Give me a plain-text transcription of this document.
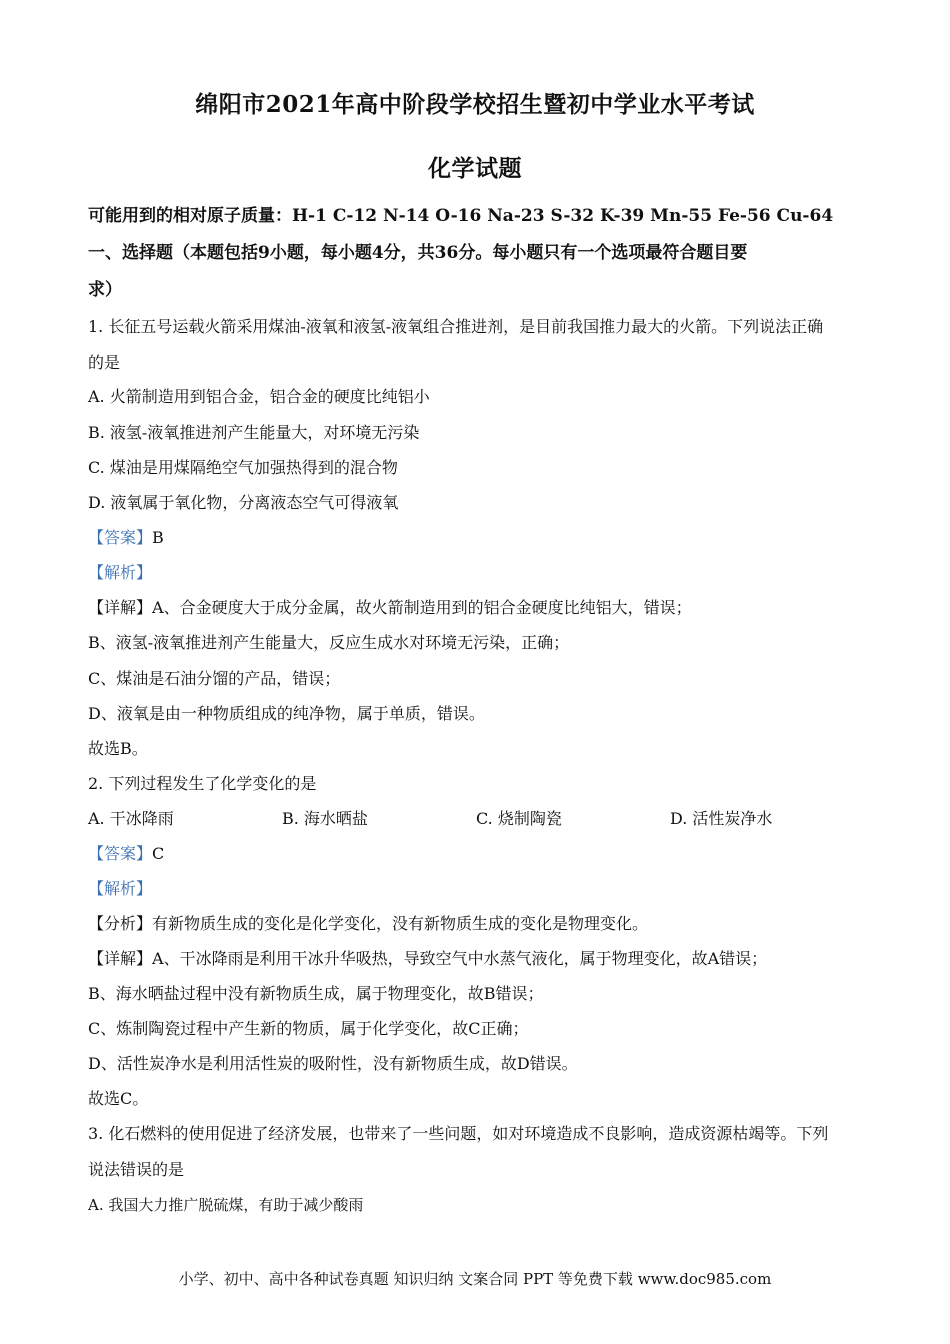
绵阳市2021年高中阶段学校招生暨初中学业水平考试
化学试题
可能用到的相对原子质量：H-1 C-12 N-14 O-16 Na-23 S-32 K-39 Mn-55 Fe-56 Cu-64
一、选择题（本题包括9小题，每小题4分，共36分。每小题只有一个选项最符合题目要
求）
1. 长征五号运载火箭采用煤油-液氧和液氢-液氧组合推进剂，是目前我国推力最大的火箭。下列说法正确
的是
A. 火箭制造用到铝合金，铝合金的硬度比纯铝小
B. 液氢-液氧推进剂产生能量大，对环境无污染
C. 煤油是用煤隔绝空气加强热得到的混合物
D. 液氧属于氧化物，分离液态空气可得液氧
【答案】B
【解析】
【详解】A、合金硬度大于成分金属，故火箭制造用到的铝合金硬度比纯铝大，错误；
B、液氢-液氧推进剂产生能量大，反应生成水对环境无污染，正确；
C、煤油是石油分馏的产品，错误；
D、液氧是由一种物质组成的纯净物，属于单质，错误。
故选B。
2. 下列过程发生了化学变化的是
A. 干冰降雨	B. 海水晒盐	C. 烧制陶瓷	D. 活性炭净水
【答案】C
【解析】
【分析】有新物质生成的变化是化学变化，没有新物质生成的变化是物理变化。
【详解】A、干冰降雨是利用干冰升华吸热，导致空气中水蒸气液化，属于物理变化，故A错误；
B、海水晒盐过程中没有新物质生成，属于物理变化，故B错误；
C、炼制陶瓷过程中产生新的物质，属于化学变化，故C正确；
D、活性炭净水是利用活性炭的吸附性，没有新物质生成，故D错误。
故选C。
3. 化石燃料的使用促进了经济发展，也带来了一些问题，如对环境造成不良影响，造成资源枯竭等。下列
说法错误的是
A. 我国大力推广脱硫煤，有助于减少酸雨
小学、初中、高中各种试卷真题 知识归纳 文案合同 PPT 等免费下载 www.doc985.com
